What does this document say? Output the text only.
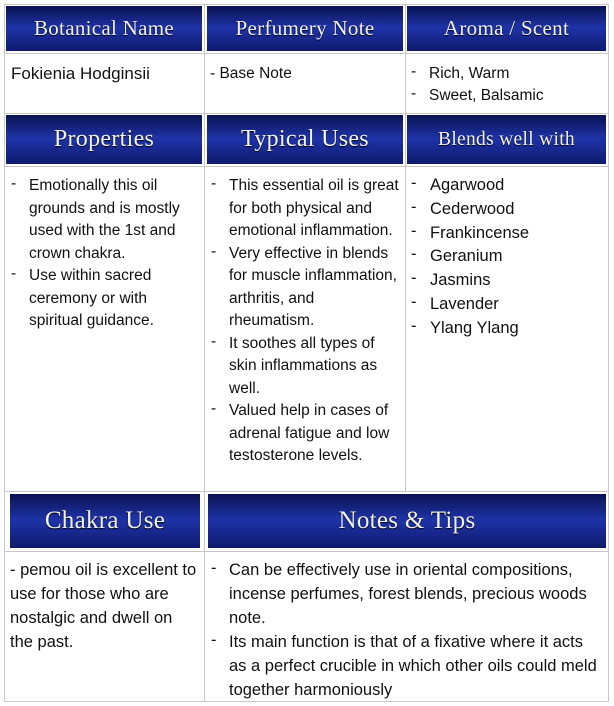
Botanical Name	Perfumery Note	Aroma / Scent
Fokienia Hodginsii	- Base Note
-	Rich, Warm
- Sweet, Balsamic
Properties	Typical Uses	Blends well with
- Emotionally this oil grounds and is mostly used with the 1st and crown chakra.
- Use within sacred ceremony or with spiritual guidance.
- This essential oil is great for both physical and emotional inflammation.
- Very effective in blends for muscle inflammation, arthritis, and rheumatism.
- It soothes all types of skin inflammations as well.
- Valued help in cases of adrenal fatigue and low testosterone levels.
- Agarwood
- Cederwood
- Frankincense
- Geranium
- Jasmins
- Lavender
- Ylang Ylang
Chakra Use	Notes & Tips
- pemou oil is excellent to use for those who are nostalgic and dwell on the past.
- Can be effectively use in oriental compositions, incense perfumes, forest blends, precious woods note.
- Its main function is that of a fixative where it acts as a perfect crucible in which other oils could meld together harmoniously
